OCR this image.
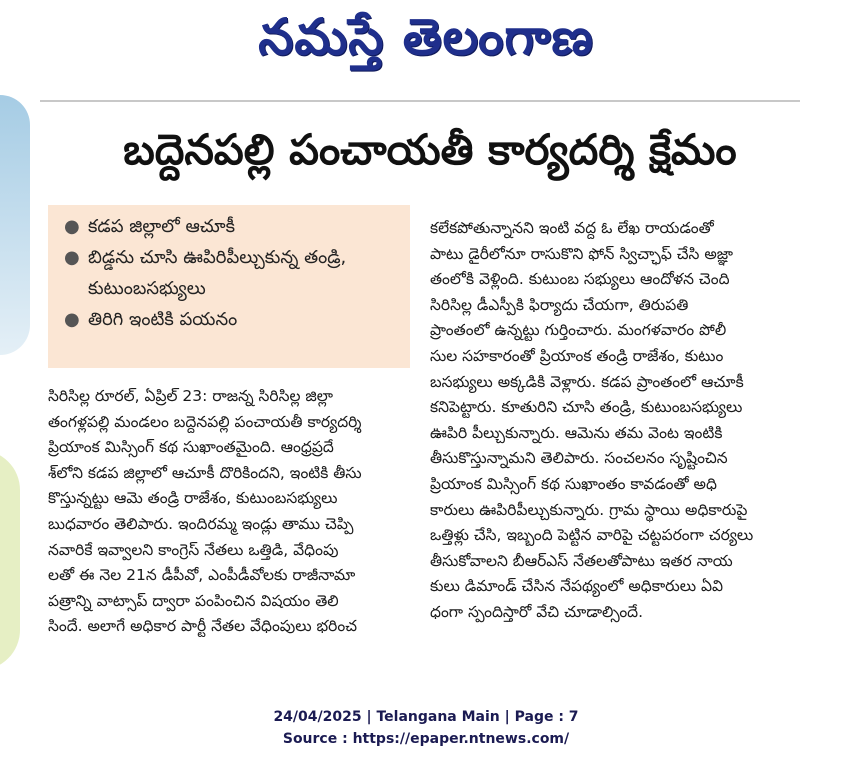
నమస్తే తెలంగాణ
బద్దెనపల్లి పంచాయతీ కార్యదర్శి క్షేమం
● కడప జిల్లాలో ఆచూకీ
● బిడ్డను చూసి ఊపిరిపీల్చుకున్న తండ్రి, కుటుంబసభ్యులు
● తిరిగి ఇంటికి పయనం
సిరిసిల్ల రూరల్‌, ఏప్రిల్‌ 23: రాజన్న సిరిసిల్ల జిల్లా
తంగళ్లపల్లి మండలం బద్దెనపల్లి పంచాయతీ కార్యదర్శి
ప్రియాంక మిస్సింగ్‌ కథ సుఖాంతమైంది. ఆంధ్రప్రదే
శ్‌లోని కడప జిల్లాలో ఆచూకీ దొరికిందని, ఇంటికి తీసు
కొస్తున్నట్టు ఆమె తండ్రి రాజేశం, కుటుంబసభ్యులు
బుధవారం తెలిపారు. ఇందిరమ్మ ఇండ్లు తాము చెప్పి
నవారికే ఇవ్వాలని కాంగ్రెస్‌ నేతలు ఒత్తిడి, వేధింపు
లతో ఈ నెల 21న డీపీవో, ఎంపీడీవోలకు రాజీనామా
పత్రాన్ని వాట్సాప్‌ ద్వారా పంపించిన విషయం తెలి
సిందే. అలాగే అధికార పార్టీ నేతల వేధింపులు భరించ
కలేకపోతున్నానని ఇంటి వద్ద ఓ లేఖ రాయడంతో
పాటు డైరీలోనూ రాసుకొని ఫోన్‌ స్విచ్ఛాఫ్‌ చేసి అజ్ఞా
తంలోకి వెళ్లింది. కుటుంబ సభ్యులు ఆందోళన చెంది
సిరిసిల్ల డీఎస్పీకి ఫిర్యాదు చేయగా, తిరుపతి
ప్రాంతంలో ఉన్నట్టు గుర్తించారు. మంగళవారం పోలీ
సుల సహకారంతో ప్రియాంక తండ్రి రాజేశం, కుటుం
బసభ్యులు అక్కడికి వెళ్లారు. కడప ప్రాంతంలో ఆచూకీ
కనిపెట్టారు. కూతురిని చూసి తండ్రి, కుటుంబసభ్యులు
ఊపిరి పీల్చుకున్నారు. ఆమెను తమ వెంట ఇంటికి
తీసుకొస్తున్నామని తెలిపారు. సంచలనం సృష్టించిన
ప్రియాంక మిస్సింగ్‌ కథ సుఖాంతం కావడంతో అధి
కారులు ఊపిరిపీల్చుకున్నారు. గ్రామ స్థాయి అధికారుపై
ఒత్తిళ్లు చేసి, ఇబ్బంది పెట్టిన వారిపై చట్టపరంగా చర్యలు
తీసుకోవాలని బీఆర్‌ఎస్‌ నేతలతోపాటు ఇతర నాయ
కులు డిమాండ్‌ చేసిన నేపథ్యంలో అధికారులు ఏవి
ధంగా స్పందిస్తారో వేచి చూడాల్సిందే.
24/04/2025 | Telangana Main | Page : 7
Source : https://epaper.ntnews.com/
